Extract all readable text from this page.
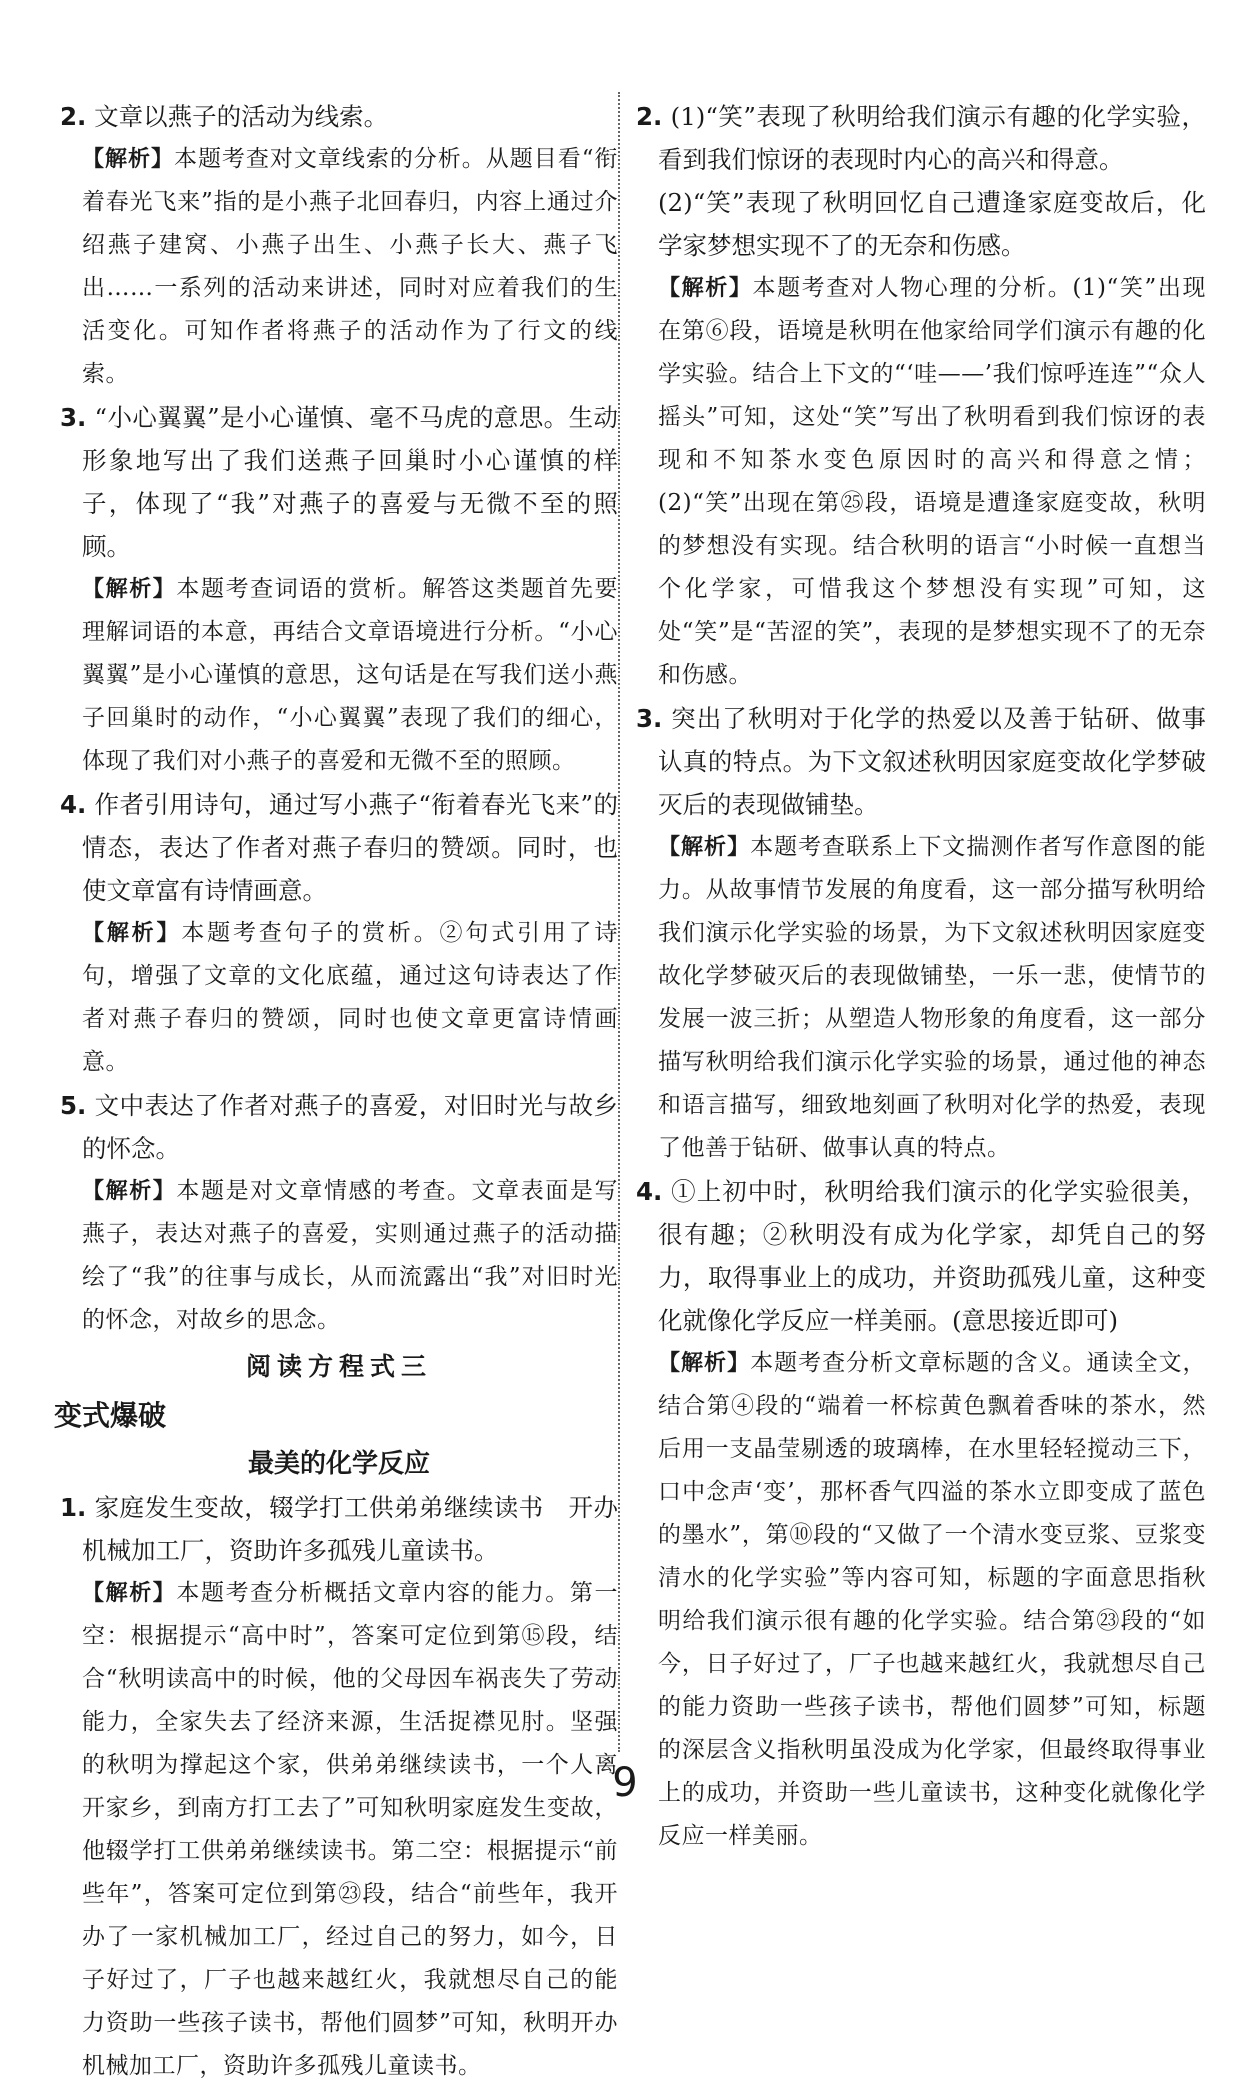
2. 文章以燕子的活动为线索。

【解析】本题考查对文章线索的分析。从题目看“衔着春光飞来”指的是小燕子北回春归，内容上通过介绍燕子建窝、小燕子出生、小燕子长大、燕子飞出……一系列的活动来讲述，同时对应着我们的生活变化。可知作者将燕子的活动作为了行文的线索。

3. “小心翼翼”是小心谨慎、毫不马虎的意思。生动形象地写出了我们送燕子回巢时小心谨慎的样子，体现了“我”对燕子的喜爱与无微不至的照顾。

【解析】本题考查词语的赏析。解答这类题首先要理解词语的本意，再结合文章语境进行分析。“小心翼翼”是小心谨慎的意思，这句话是在写我们送小燕子回巢时的动作，“小心翼翼”表现了我们的细心，体现了我们对小燕子的喜爱和无微不至的照顾。

4. 作者引用诗句，通过写小燕子“衔着春光飞来”的情态，表达了作者对燕子春归的赞颂。同时，也使文章富有诗情画意。

【解析】本题考查句子的赏析。②句式引用了诗句，增强了文章的文化底蕴，通过这句诗表达了作者对燕子春归的赞颂，同时也使文章更富诗情画意。

5. 文中表达了作者对燕子的喜爱，对旧时光与故乡的怀念。

【解析】本题是对文章情感的考查。文章表面是写燕子，表达对燕子的喜爱，实则通过燕子的活动描绘了“我”的往事与成长，从而流露出“我”对旧时光的怀念，对故乡的思念。

阅读方程式三
变式爆破
最美的化学反应

1. 家庭发生变故，辍学打工供弟弟继续读书　开办机械加工厂，资助许多孤残儿童读书。

【解析】本题考查分析概括文章内容的能力。第一空：根据提示“高中时”，答案可定位到第⑮段，结合“秋明读高中的时候，他的父母因车祸丧失了劳动能力，全家失去了经济来源，生活捉襟见肘。坚强的秋明为撑起这个家，供弟弟继续读书，一个人离开家乡，到南方打工去了”可知秋明家庭发生变故，他辍学打工供弟弟继续读书。第二空：根据提示“前些年”，答案可定位到第㉓段，结合“前些年，我开办了一家机械加工厂，经过自己的努力，如今，日子好过了，厂子也越来越红火，我就想尽自己的能力资助一些孩子读书，帮他们圆梦”可知，秋明开办机械加工厂，资助许多孤残儿童读书。

2. (1)“笑”表现了秋明给我们演示有趣的化学实验，看到我们惊讶的表现时内心的高兴和得意。

(2)“笑”表现了秋明回忆自己遭逢家庭变故后，化学家梦想实现不了的无奈和伤感。

【解析】本题考查对人物心理的分析。(1)“笑”出现在第⑥段，语境是秋明在他家给同学们演示有趣的化学实验。结合上下文的“‘哇——’我们惊呼连连”“众人摇头”可知，这处“笑”写出了秋明看到我们惊讶的表现和不知茶水变色原因时的高兴和得意之情；(2)“笑”出现在第㉕段，语境是遭逢家庭变故，秋明的梦想没有实现。结合秋明的语言“小时候一直想当个化学家，可惜我这个梦想没有实现”可知，这处“笑”是“苦涩的笑”，表现的是梦想实现不了的无奈和伤感。

3. 突出了秋明对于化学的热爱以及善于钻研、做事认真的特点。为下文叙述秋明因家庭变故化学梦破灭后的表现做铺垫。

【解析】本题考查联系上下文揣测作者写作意图的能力。从故事情节发展的角度看，这一部分描写秋明给我们演示化学实验的场景，为下文叙述秋明因家庭变故化学梦破灭后的表现做铺垫，一乐一悲，使情节的发展一波三折；从塑造人物形象的角度看，这一部分描写秋明给我们演示化学实验的场景，通过他的神态和语言描写，细致地刻画了秋明对化学的热爱，表现了他善于钻研、做事认真的特点。

4. ①上初中时，秋明给我们演示的化学实验很美，很有趣；②秋明没有成为化学家，却凭自己的努力，取得事业上的成功，并资助孤残儿童，这种变化就像化学反应一样美丽。(意思接近即可)

【解析】本题考查分析文章标题的含义。通读全文，结合第④段的“端着一杯棕黄色飘着香味的茶水，然后用一支晶莹剔透的玻璃棒，在水里轻轻搅动三下，口中念声‘变’，那杯香气四溢的茶水立即变成了蓝色的墨水”，第⑩段的“又做了一个清水变豆浆、豆浆变清水的化学实验”等内容可知，标题的字面意思指秋明给我们演示很有趣的化学实验。结合第㉓段的“如今，日子好过了，厂子也越来越红火，我就想尽自己的能力资助一些孩子读书，帮他们圆梦”可知，标题的深层含义指秋明虽没成为化学家，但最终取得事业上的成功，并资助一些儿童读书，这种变化就像化学反应一样美丽。

9
